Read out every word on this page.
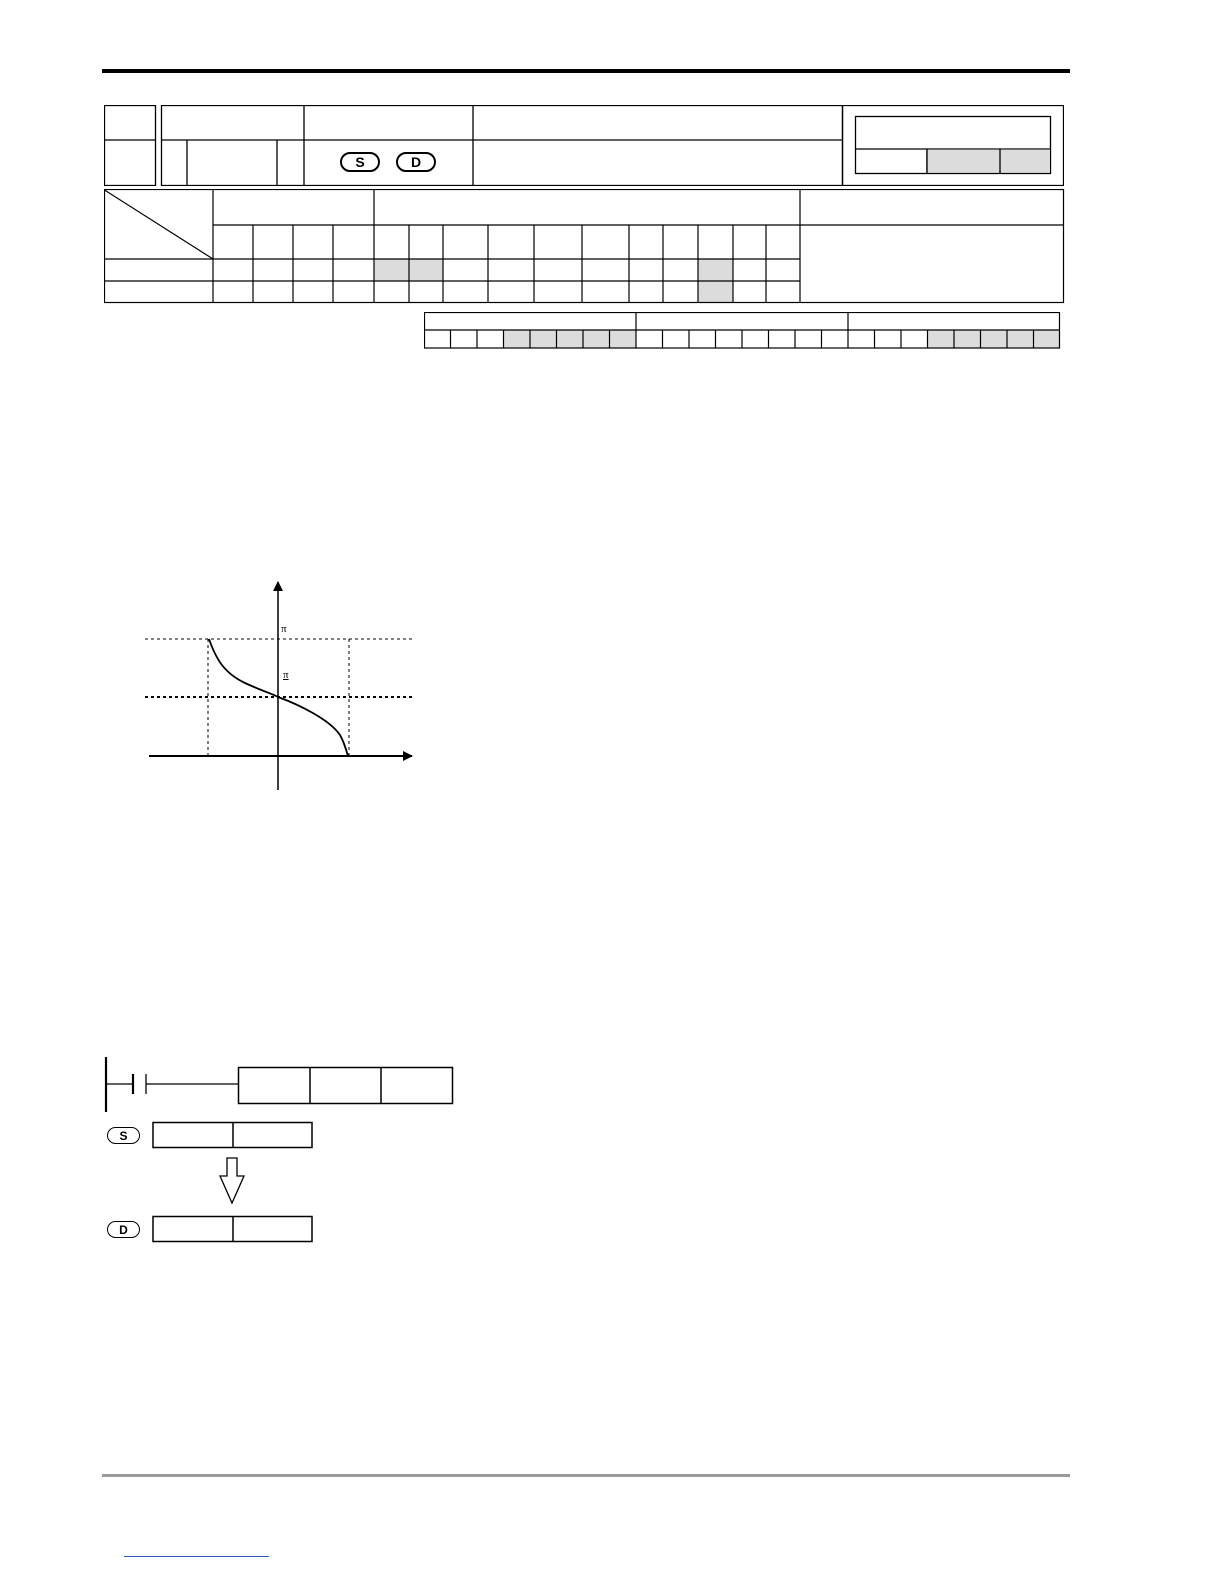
S	D
π
π
S
D
